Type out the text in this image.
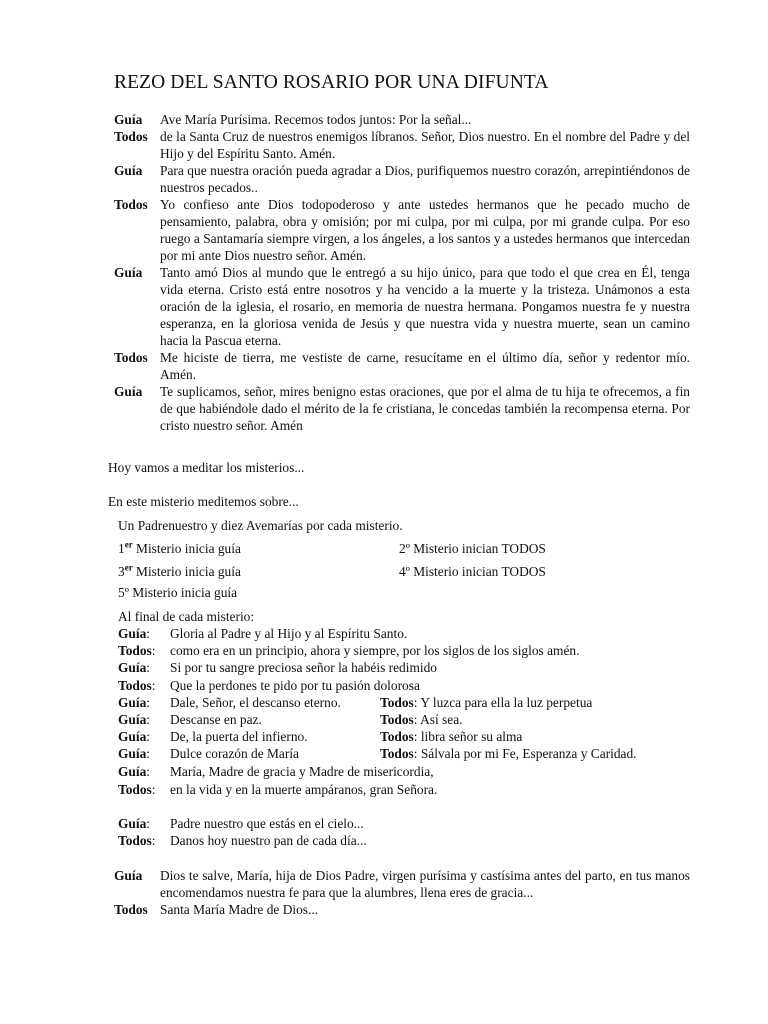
REZO DEL SANTO ROSARIO POR UNA DIFUNTA
Guía	Ave María Purísima. Recemos todos juntos: Por la señal...
Todos de la Santa Cruz de nuestros enemigos líbranos. Señor, Dios nuestro. En el nombre del Padre y del Hijo y del Espíritu Santo. Amén.
Guía	Para que nuestra oración pueda agradar a Dios, purifiquemos nuestro corazón, arrepintiéndonos de nuestros pecados..
Todos Yo confieso ante Dios todopoderoso y ante ustedes hermanos que he pecado mucho de pensamiento, palabra, obra y omisión; por mi culpa, por mi culpa, por mi grande culpa. Por eso ruego a Santamaría siempre virgen, a los ángeles, a los santos y a ustedes hermanos que intercedan por mi ante Dios nuestro señor. Amén.
Guía	Tanto amó Dios al mundo que le entregó a su hijo único, para que todo el que crea en Él, tenga vida eterna. Cristo está entre nosotros y ha vencido a la muerte y la tristeza. Unámonos a esta oración de la iglesia, el rosario, en memoria de nuestra hermana. Pongamos nuestra fe y nuestra esperanza, en la gloriosa venida de Jesús y que nuestra vida y nuestra muerte, sean un camino hacia la Pascua eterna.
Todos Me hiciste de tierra, me vestiste de carne, resucítame en el último día, señor y redentor mío. Amén.
Guía	Te suplicamos, señor, mires benigno estas oraciones, que por el alma de tu hija te ofrecemos, a fin de que habiéndole dado el mérito de la fe cristiana, le concedas también la recompensa eterna. Por cristo nuestro señor. Amén
Hoy vamos a meditar los misterios...
En este misterio meditemos sobre...
Un Padrenuestro y diez Avemarías por cada misterio.
1er Misterio inicia guía	2º Misterio inician TODOS
3er Misterio inicia guía	4º Misterio inician TODOS
5º Misterio inicia guía
Al final de cada misterio:
Guía: Gloria al Padre y al Hijo y al Espíritu Santo.
Todos: como era en un principio, ahora y siempre, por los siglos de los siglos amén.
Guía: Si por tu sangre preciosa señor la habéis redimido
Todos: Que la perdones te pido por tu pasión dolorosa
Guía: Dale, Señor, el descanso eterno.	Todos: Y luzca para ella la luz perpetua
Guía: Descanse en paz.	Todos: Así sea.
Guía: De, la puerta del infierno.	Todos: libra señor su alma
Guía: Dulce corazón de María	Todos: Sálvala por mi Fe, Esperanza y Caridad.
Guía: María, Madre de gracia y Madre de misericordia,
Todos: en la vida y en la muerte ampáranos, gran Señora.
Guía: Padre nuestro que estás en el cielo...
Todos: Danos hoy nuestro pan de cada día...
Guía	Dios te salve, María, hija de Dios Padre, virgen purísima y castísima antes del parto, en tus manos encomendamos nuestra fe para que la alumbres, llena eres de gracia...
Todos Santa María Madre de Dios...
